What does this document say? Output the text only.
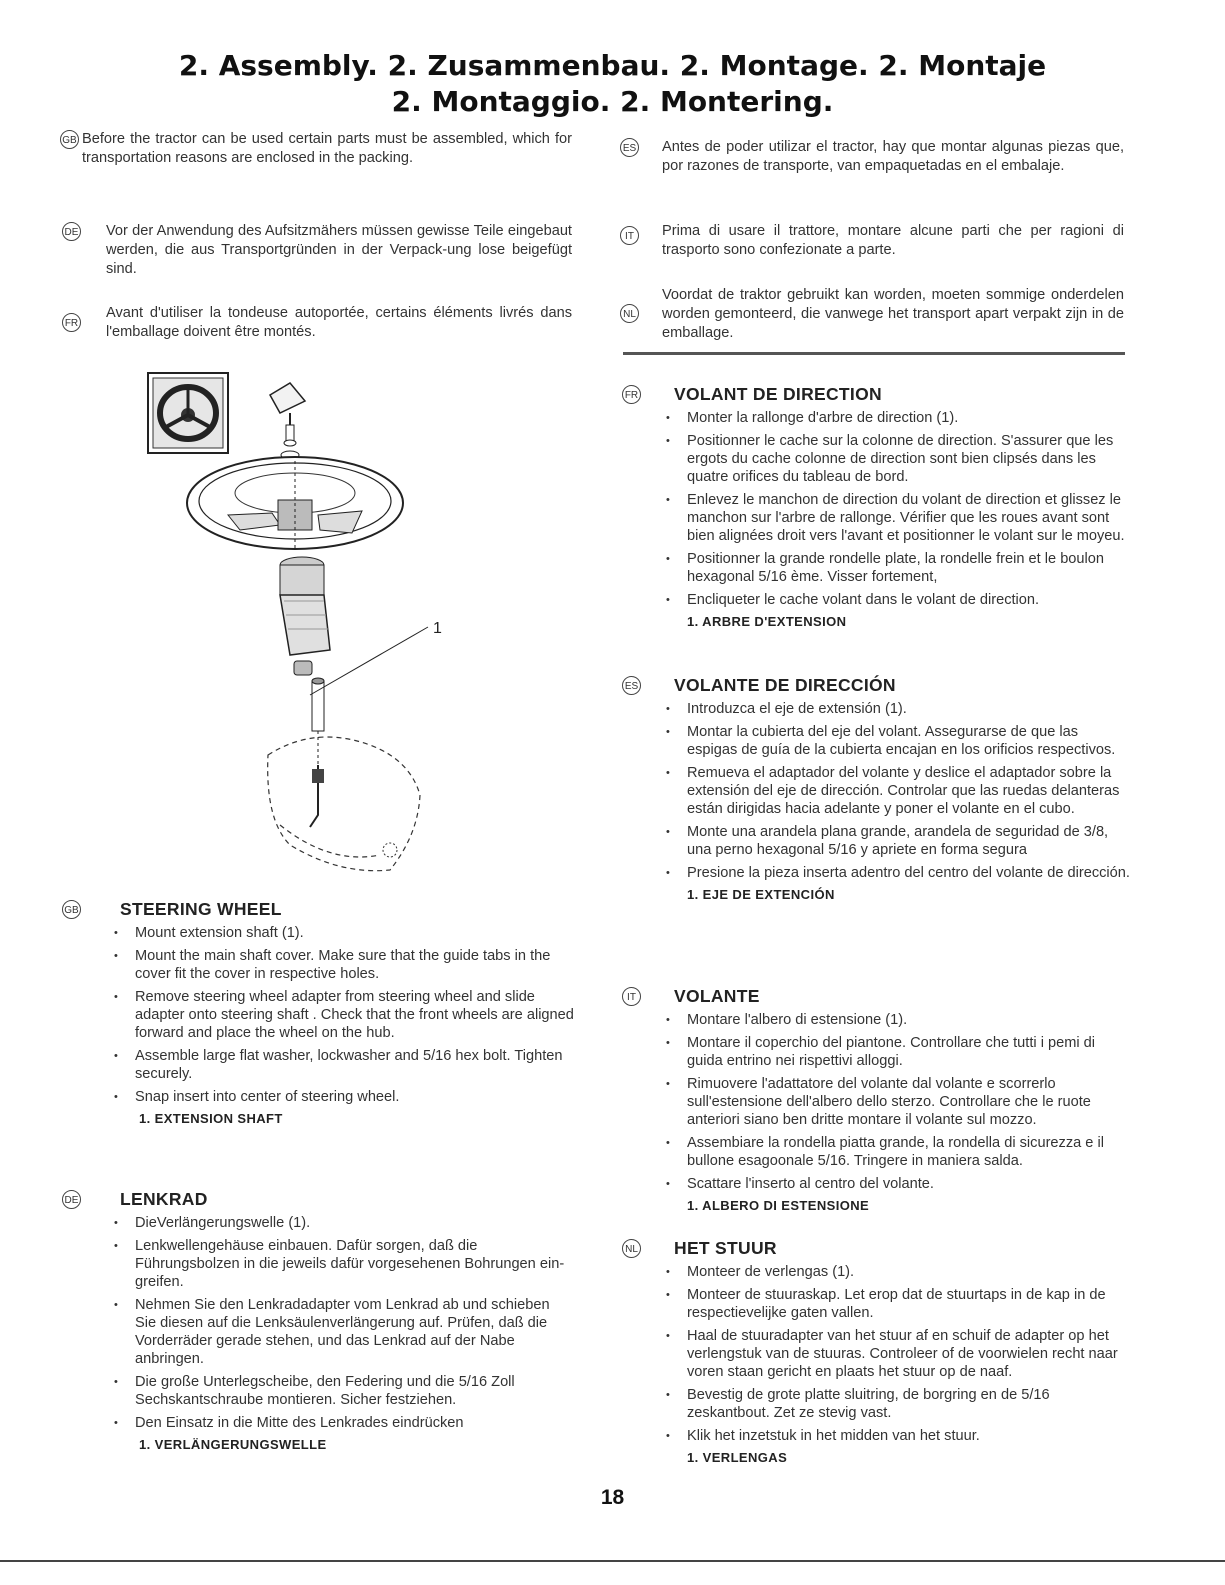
2. Assembly. 2. Zusammenbau. 2. Montage. 2. Montaje
2. Montaggio. 2. Montering.
GB Before the tractor can be used certain parts must be assembled, which for transportation reasons are enclosed in the packing.

DE Vor der Anwendung des Aufsitzmähers müssen gewisse Teile eingebaut werden, die aus Transportgründen in der Verpack-ung lose beigefügt sind.

FR

Avant d'utiliser la tondeuse autoportée, certains éléments livrés dans l'emballage doivent être montés.

ES Antes de poder utilizar el tractor, hay que montar algunas piezas que, por razones de transporte, van empaquetadas en el embalaje.

IT	Prima di usare il trattore, montare alcune parti che per ragioni di trasporto sono confezionate a parte.

NL

Voordat de traktor gebruikt kan worden, moeten sommige onderdelen worden gemonteerd, die vanwege het transport apart verpakt zijn in de emballage.

1
GB	STEERING WHEEL
• Mount extension shaft (1).
• Mount the main shaft cover. Make sure that the guide tabs in the cover fit the cover in respective holes.
• Remove steering wheel adapter from steering wheel and slide adapter onto steering shaft . Check that the front wheels are aligned forward and place the wheel on the hub.
• Assemble large flat washer, lockwasher and 5/16 hex bolt. Tighten securely.
• Snap insert into center of steering wheel.
1. EXTENSION SHAFT
DE	LENKRAD
• DieVerlängerungswelle (1).
• Lenkwellengehäuse einbauen. Dafür sorgen, daß die Führungsbolzen in die jeweils dafür vorgesehenen Bohrungen ein- greifen.
• Nehmen Sie den Lenkradadapter vom Lenkrad ab und schieben Sie diesen auf die Lenksäulenverlängerung auf. Prüfen, daß die Vorderräder gerade stehen, und das Lenkrad auf der Nabe anbringen.
• Die große Unterlegscheibe, den Federing und die 5/16 Zoll Sechskantschraube montieren. Sicher festziehen.
• Den Einsatz in die Mitte des Lenkrades eindrücken
1. VERLÄNGERUNGSWELLE
FR	VOLANT DE DIRECTION
• Monter la rallonge d'arbre de direction (1).
• Positionner le cache sur la colonne de direction. S'assurer que les ergots du cache colonne de direction sont bien clipsés dans les quatre orifices du tableau de bord.
• Enlevez le manchon de direction du volant de direction et glissez le manchon sur l'arbre de rallonge. Vérifier que les roues avant sont bien alignées droit vers l'avant et positionner le volant sur le moyeu.
• Positionner la grande rondelle plate, la rondelle frein et le boulon hexagonal 5/16 ème. Visser fortement,
• Encliqueter le cache volant dans le volant de direction.
1. ARBRE D'EXTENSION
ES	VOLANTE DE DIRECCIÓN
• Introduzca el eje de extensión (1).
• Montar la cubierta del eje del volant. Assegurarse de que las espigas de guía de la cubierta encajan en los orificios respectivos.
• Remueva el adaptador del volante y deslice el adaptador sobre la extensión del eje de dirección. Controlar que las ruedas delanteras están dirigidas hacia adelante y poner el volante en el cubo.
• Monte una arandela plana grande, arandela de seguridad de 3/8, una perno hexagonal 5/16 y apriete en forma segura
• Presione la pieza inserta adentro del centro del volante de dirección.
1. EJE DE EXTENCIÓN
IT	VOLANTE
• Montare l'albero di estensione (1).
• Montare il coperchio del piantone. Controllare che tutti i pemi di guida entrino nei rispettivi alloggi.
• Rimuovere l'adattatore del volante dal volante e scorrerlo sull'estensione dell'albero dello sterzo. Controllare che le ruote anteriori siano ben dritte montare il volante sul mozzo.
• Assembiare la rondella piatta grande, la rondella di sicurezza e il bullone esagoonale 5/16. Tringere in maniera salda.
• Scattare l'inserto al centro del volante.
1. ALBERO DI ESTENSIONE
NL	HET STUUR
• Monteer de verlengas (1).
• Monteer de stuuraskap. Let erop dat de stuurtaps in de kap in de respectievelijke gaten vallen.
• Haal de stuuradapter van het stuur af en schuif de adapter op het verlengstuk van de stuuras. Controleer of de voorwielen recht naar voren staan gericht en plaats het stuur op de naaf.
• Bevestig de grote platte sluitring, de borgring en de 5/16 zeskantbout. Zet ze stevig vast.
• Klik het inzetstuk in het midden van het stuur.
1. VERLENGAS
18
